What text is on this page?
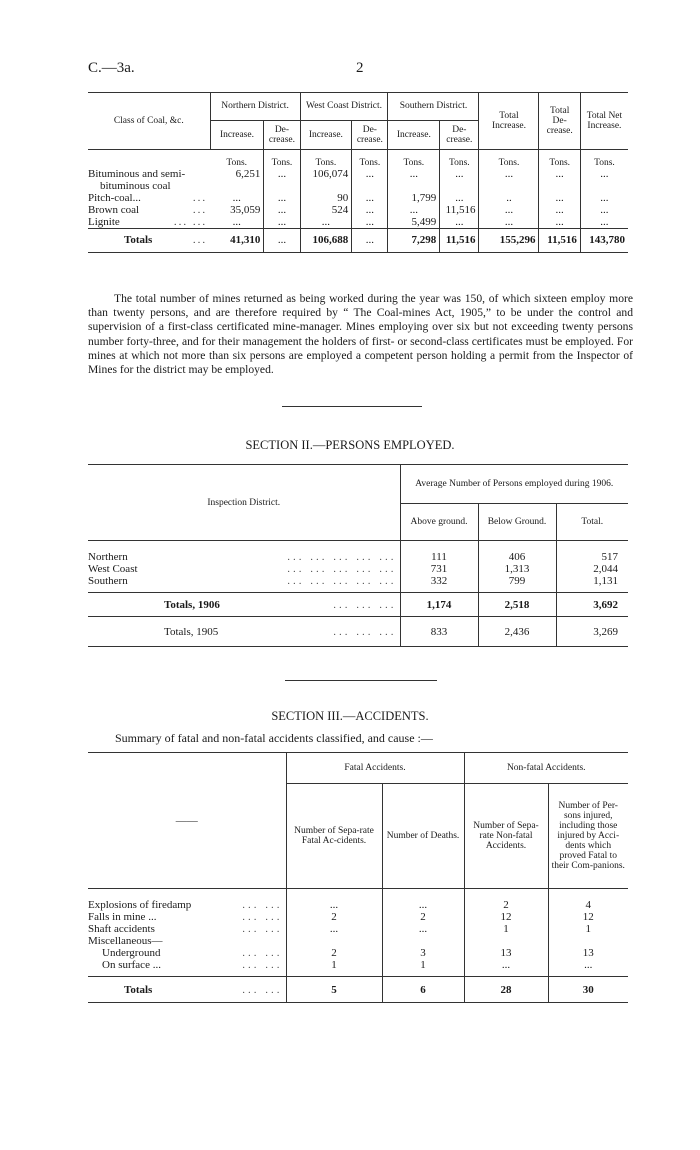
C.—3a.	2
Class of Coal, &c.	Northern District.		West Coast District.		Southern District.		Total Increase.	Total De-crease.	Total Net Increase.
	Increase.	De-crease.	Increase.	De-crease.	Increase.	De-crease.			

	Tons.	Tons.	Tons.	Tons.	Tons.	Tons.	Tons.	Tons.	Tons.
Bituminous and semi-	6,251	...	106,074	...	...	...	...	...	...
bituminous coal									
Pitch-coal... ...	...	...	90	...	1,799	...	..	...	...
Brown coal ...	35,059	...	524	...	...	11,516	...	...	...
Lignite ... ...	...	...	...	...	5,499	...	...	...	...
Totals ...	41,310	...	106,688	...	7,298	11,516	155,296	11,516	143,780
The total number of mines returned as being worked during the year was 150, of which sixteen employ more than twenty persons, and are therefore required by “ The Coal-mines Act, 1905,” to be under the control and supervision of a first-class certificated mine-manager. Mines employing over six but not exceeding twenty persons number forty-three, and for their management the holders of first- or second-class certificates must be employed. For mines at which not more than six persons are employed a competent person holding a permit from the Inspector of Mines for the district may be employed.
SECTION II.—PERSONS EMPLOYED.
Inspection District.	Average Number of Persons employed during 1906.		
	Above ground.	Below Ground.	Total.

Northern ... ... ... ... ...	111	406	517
West Coast ... ... ... ... ...	731	1,313	2,044
Southern ... ... ... ... ...	332	799	1,131

Totals, 1906 ... ... ...	1,174	2,518	3,692
Totals, 1905 ... ... ...	833	2,436	3,269
SECTION III.—ACCIDENTS.
Summary of fatal and non-fatal accidents classified, and cause :—
——	Fatal Accidents.		Non-fatal Accidents.	
	Number of Sepa-rate Fatal Ac-cidents.	Number of Deaths.	Number of Sepa-rate Non-fatal Accidents.	Number of Per-sons injured, including those injured by Acci-dents which proved Fatal to their Com-panions.

Explosions of firedamp ... ...	...	...	2	4
Falls in mine ... ... ...	2	2	12	12
Shaft accidents ... ...	...	...	1	1
Miscellaneous—				
Underground ... ...	2	3	13	13
On surface ... ... ...	1	1	...	...

Totals ... ...	5	6	28	30
